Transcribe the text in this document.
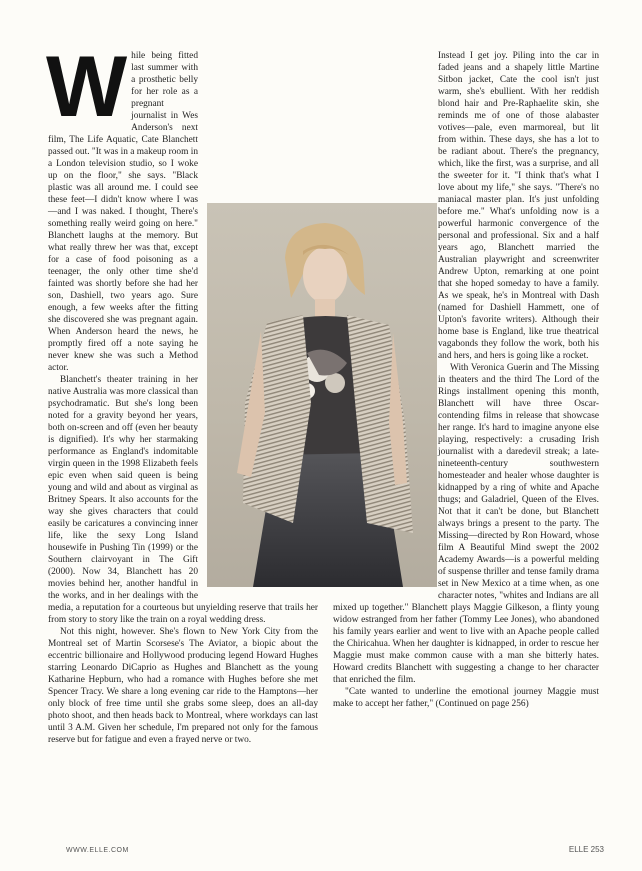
W hile being fitted last summer with a prosthetic belly for her role as a pregnant journalist in Wes Anderson's next film, The Life Aquatic, Cate Blanchett passed out. "It was in a makeup room in a London television studio, so I woke up on the floor," she says. "Black plastic was all around me. I could see these feet—I didn't know where I was—and I was naked. I thought, There's something really weird going on here." Blanchett laughs at the memory. But what really threw her was that, except for a case of food poisoning as a teenager, the only other time she'd fainted was shortly before she had her son, Dashiell, two years ago. Sure enough, a few weeks after the fitting she discovered she was pregnant again. When Anderson heard the news, he promptly fired off a note saying he never knew she was such a Method actor.

Blanchett's theater training in her native Australia was more classical than psychodramatic. But she's long been noted for a gravity beyond her years, both on-screen and off (even her beauty is dignified). It's why her starmaking performance as England's indomitable virgin queen in the 1998 Elizabeth feels epic even when said queen is being young and wild and about as virginal as Britney Spears. It also accounts for the way she gives characters that could easily be caricatures a convincing inner life, like the sexy Long Island housewife in Pushing Tin (1999) or the Southern clairvoyant in The Gift (2000). Now 34, Blanchett has 20 movies behind her, another handful in the works, and in her dealings with the media, a reputation for a courteous but unyielding reserve that trails her from story to story like the train on a royal wedding dress.

Not this night, however. She's flown to New York City from the Montreal set of Martin Scorsese's The Aviator, a biopic about the eccentric billionaire and Hollywood producing legend Howard Hughes starring Leonardo DiCaprio as Hughes and Blanchett as the young Katharine Hepburn, who had a romance with Hughes before she met Spencer Tracy. We share a long evening car ride to the Hamptons—her only block of free time until she grabs some sleep, does an all-day photo shoot, and then heads back to Montreal, where workdays can last until 3 A.M. Given her schedule, I'm prepared not only for the famous reserve but for fatigue and even a frayed nerve or two.

Instead I get joy. Piling into the car in faded jeans and a shapely little Martine Sitbon jacket, Cate the cool isn't just warm, she's ebullient. With her reddish blond hair and Pre-Raphaelite skin, she reminds me of one of those alabaster votives—pale, even marmoreal, but lit from within. These days, she has a lot to be radiant about. There's the pregnancy, which, like the first, was a surprise, and all the sweeter for it. "I think that's what I love about my life," she says. "There's no maniacal master plan. It's just unfolding before me." What's unfolding now is a powerful harmonic convergence of the personal and professional. Six and a half years ago, Blanchett married the Australian playwright and screenwriter Andrew Upton, remarking at one point that she hoped someday to have a family. As we speak, he's in Montreal with Dash (named for Dashiell Hammett, one of Upton's favorite writers). Although their home base is England, like true theatrical vagabonds they follow the work, both his and hers, and hers is going like a rocket.

With Veronica Guerin and The Missing in theaters and the third The Lord of the Rings installment opening this month, Blanchett will have three Oscar-contending films in release that showcase her range. It's hard to imagine anyone else playing, respectively: a crusading Irish journalist with a daredevil streak; a late-nineteenth-century southwestern homesteader and healer whose daughter is kidnapped by a ring of white and Apache thugs; and Galadriel, Queen of the Elves. Not that it can't be done, but Blanchett always brings a present to the party. The Missing—directed by Ron Howard, whose film A Beautiful Mind swept the 2002 Academy Awards—is a powerful melding of suspense thriller and tense family drama set in New Mexico at a time when, as one character notes, "whites and Indians are all mixed up together." Blanchett plays Maggie Gilkeson, a flinty young widow estranged from her father (Tommy Lee Jones), who abandoned his family years earlier and went to live with an Apache people called the Chiricahua. When her daughter is kidnapped, in order to rescue her Maggie must make common cause with a man she bitterly hates. Howard credits Blanchett with suggesting a change to her character that enriched the film.

"Cate wanted to underline the emotional journey Maggie must make to accept her father," (Continued on page 256)

WWW.ELLE.COM	ELLE 253
